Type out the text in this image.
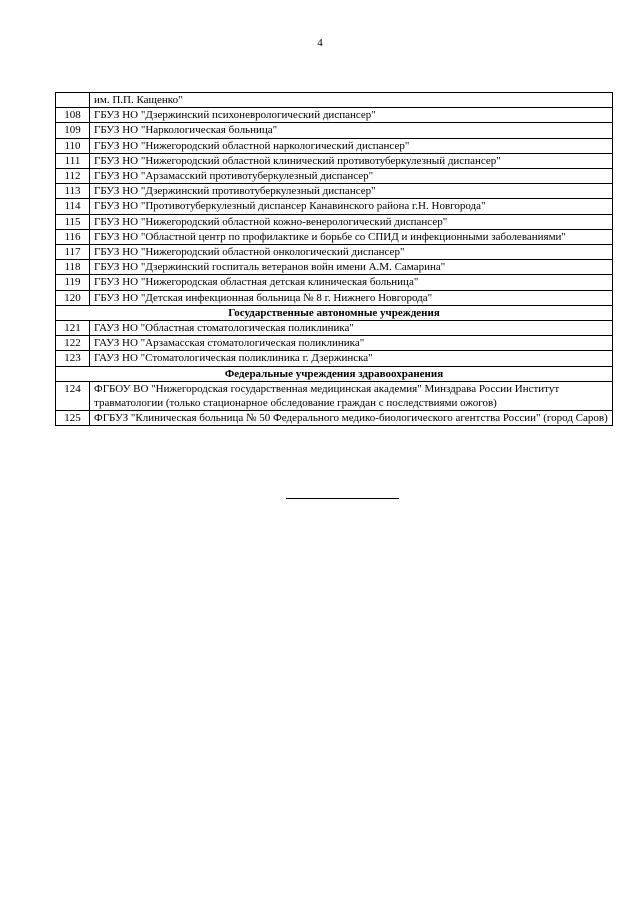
4
	им. П.П. Кащенко"
108	ГБУЗ НО "Дзержинский психоневрологический диспансер"
109	ГБУЗ НО "Наркологическая больница"
110	ГБУЗ НО "Нижегородский областной наркологический диспансер"
111	ГБУЗ НО "Нижегородский областной клинический противотуберкулезный диспансер"
112	ГБУЗ НО "Арзамасский противотуберкулезный диспансер"
113	ГБУЗ НО "Дзержинский противотуберкулезный диспансер"
114	ГБУЗ НО "Противотуберкулезный диспансер Канавинского района г.Н. Новгорода"
115	ГБУЗ НО "Нижегородский областной кожно-венерологический диспансер"
116	ГБУЗ НО "Областной центр по профилактике и борьбе со СПИД и инфекционными заболеваниями"
117	ГБУЗ НО "Нижегородский областной онкологический диспансер"
118	ГБУЗ НО "Дзержинский госпиталь ветеранов войн имени А.М. Самарина"
119	ГБУЗ НО "Нижегородская областная детская клиническая больница"
120	ГБУЗ НО "Детская инфекционная больница № 8 г. Нижнего Новгорода"
Государственные автономные учреждения	
121	ГАУЗ НО "Областная стоматологическая поликлиника"
122	ГАУЗ НО "Арзамасская стоматологическая поликлиника"
123	ГАУЗ НО "Стоматологическая поликлиника г. Дзержинска"
Федеральные учреждения здравоохранения	
124	ФГБОУ ВО "Нижегородская государственная медицинская академия" Минздрава России Институт травматологии (только стационарное обследование граждан с последствиями ожогов)
125	ФГБУЗ "Клиническая больница № 50 Федерального медико-биологического агентства России" (город Саров)
